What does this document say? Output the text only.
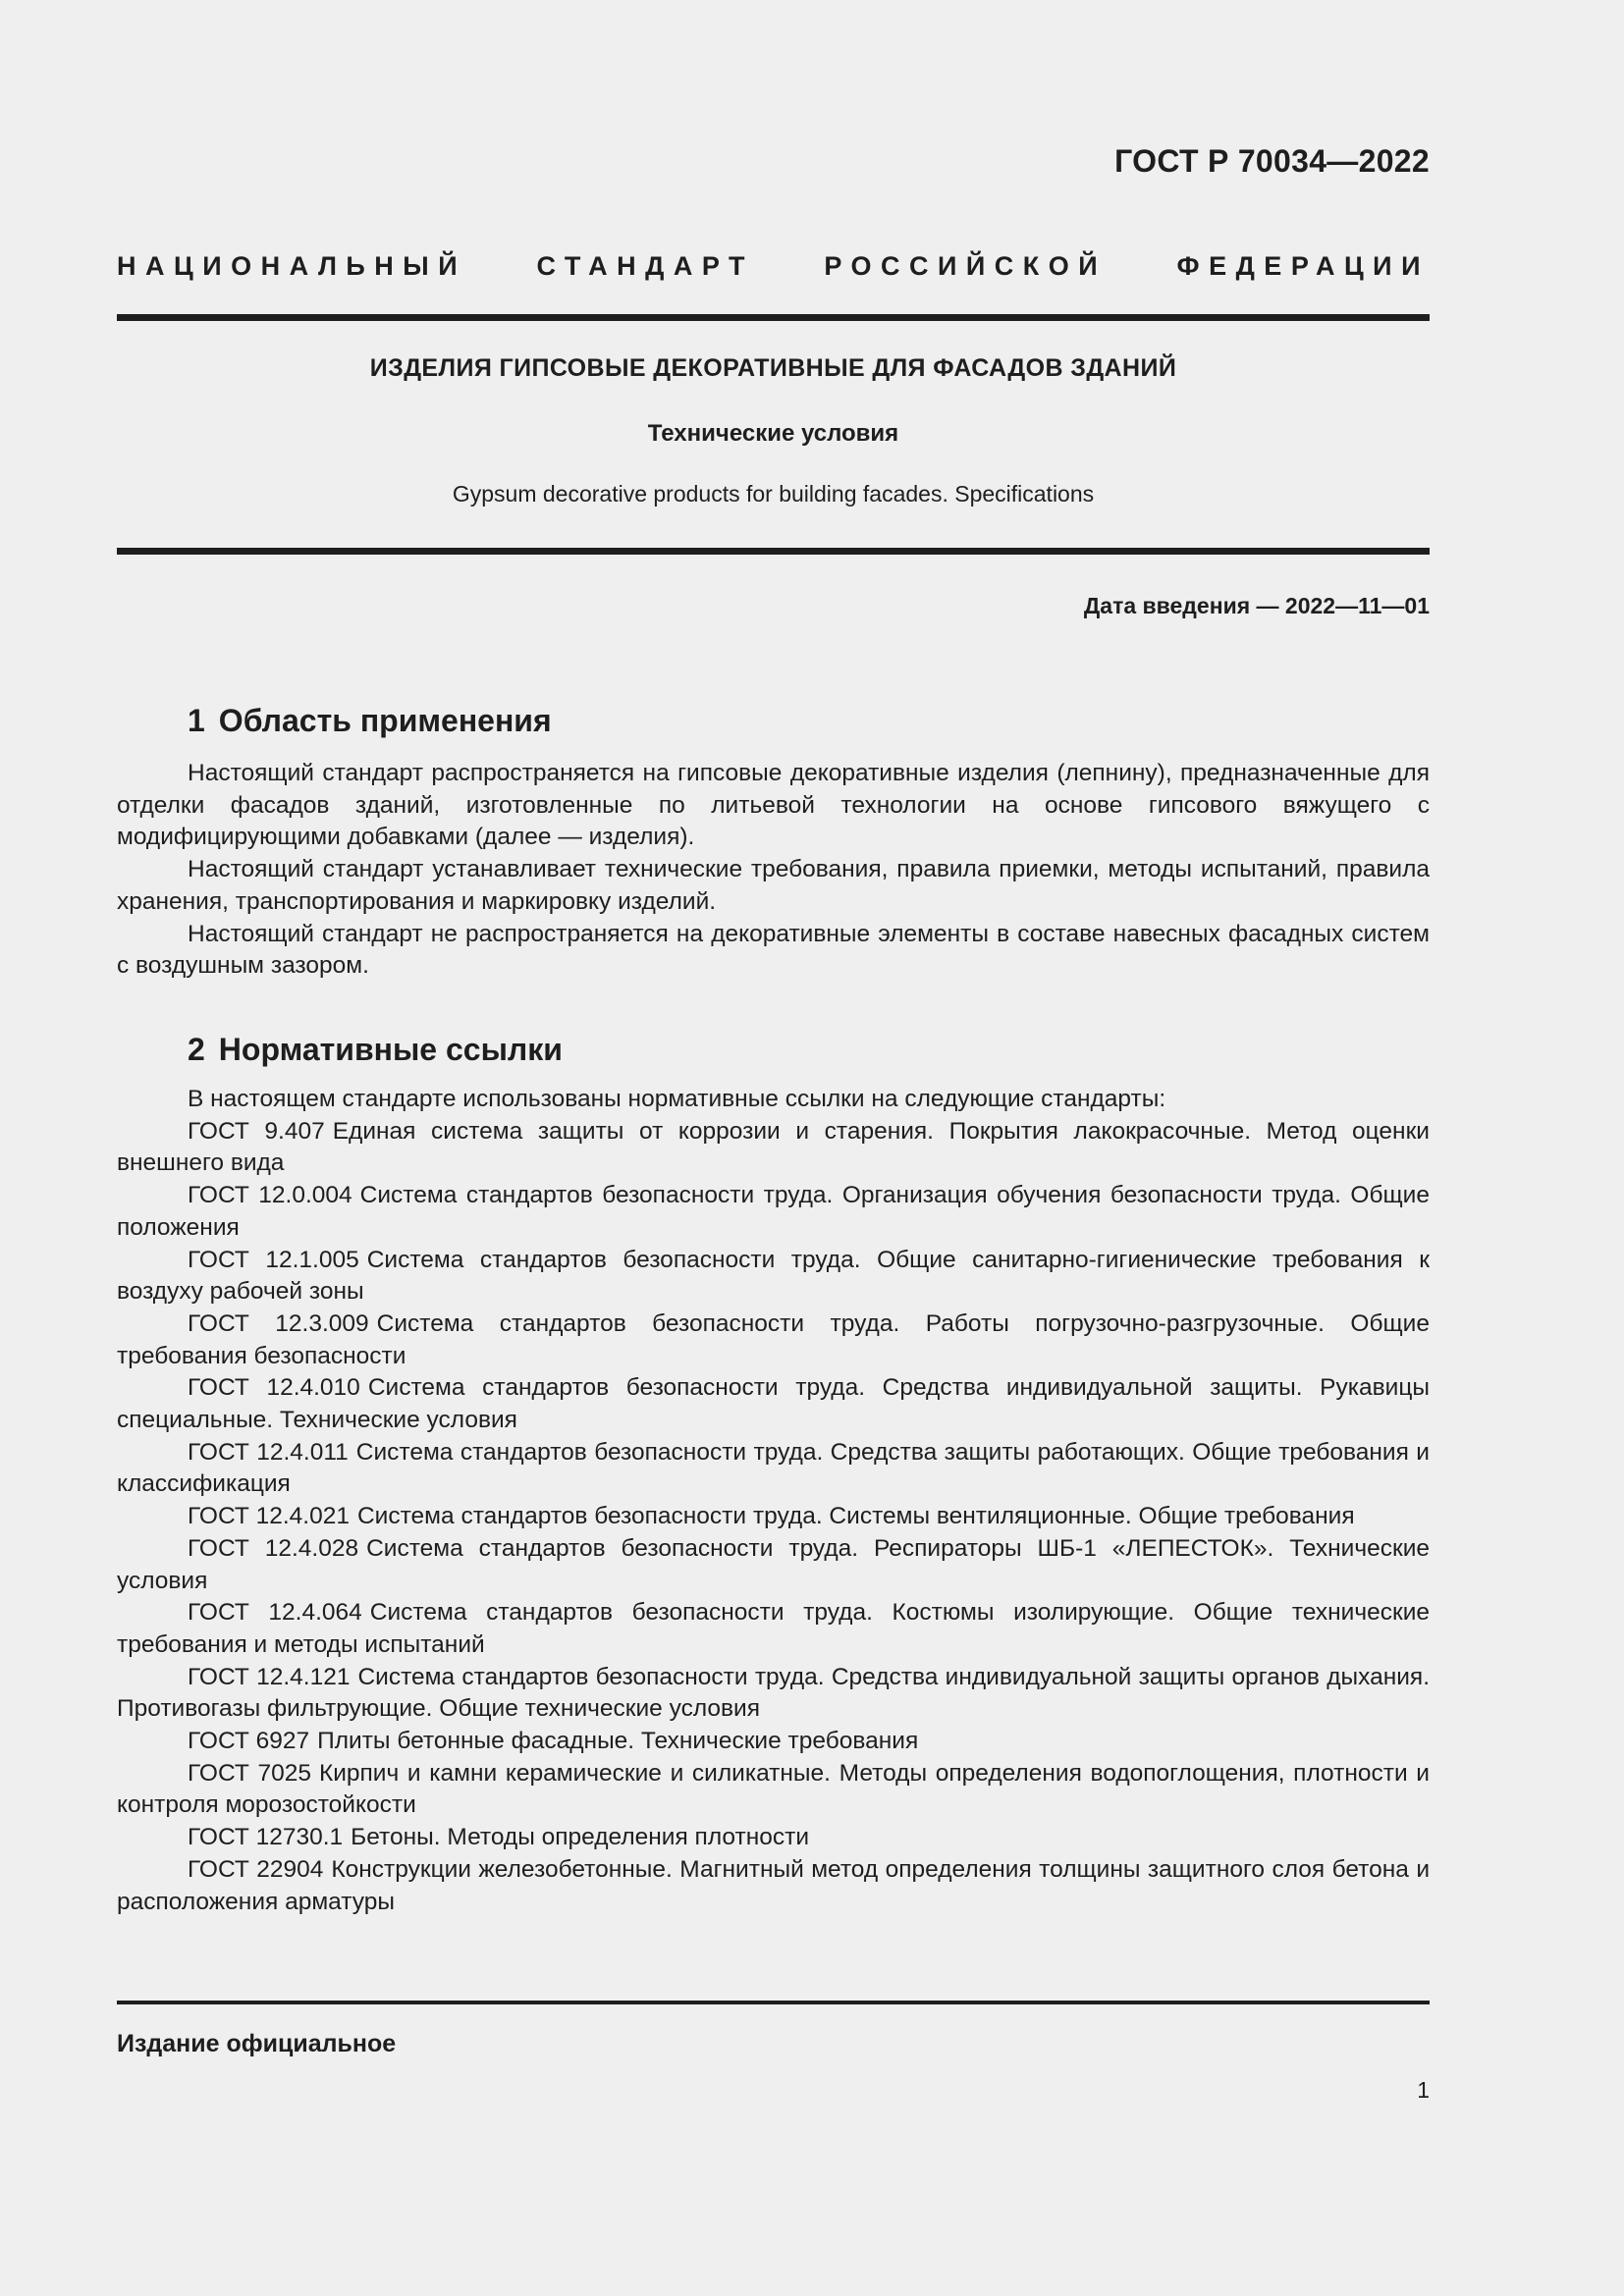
ГОСТ Р 70034—2022
НАЦИОНАЛЬНЫЙ СТАНДАРТ РОССИЙСКОЙ ФЕДЕРАЦИИ
ИЗДЕЛИЯ ГИПСОВЫЕ ДЕКОРАТИВНЫЕ ДЛЯ ФАСАДОВ ЗДАНИЙ
Технические условия
Gypsum decorative products for building facades. Specifications
Дата введения — 2022—11—01
1 Область применения

Настоящий стандарт распространяется на гипсовые декоративные изделия (лепнину), предназначенные для отделки фасадов зданий, изготовленные по литьевой технологии на основе гипсового вяжущего с модифицирующими добавками (далее — изделия).

Настоящий стандарт устанавливает технические требования, правила приемки, методы испытаний, правила хранения, транспортирования и маркировку изделий.

Настоящий стандарт не распространяется на декоративные элементы в составе навесных фасадных систем с воздушным зазором.

2 Нормативные ссылки

В настоящем стандарте использованы нормативные ссылки на следующие стандарты:

ГОСТ 9.407 Единая система защиты от коррозии и старения. Покрытия лакокрасочные. Метод оценки внешнего вида

ГОСТ 12.0.004 Система стандартов безопасности труда. Организация обучения безопасности труда. Общие положения

ГОСТ 12.1.005 Система стандартов безопасности труда. Общие санитарно-гигиенические требования к воздуху рабочей зоны

ГОСТ 12.3.009 Система стандартов безопасности труда. Работы погрузочно-разгрузочные. Общие требования безопасности

ГОСТ 12.4.010 Система стандартов безопасности труда. Средства индивидуальной защиты. Рукавицы специальные. Технические условия

ГОСТ 12.4.011 Система стандартов безопасности труда. Средства защиты работающих. Общие требования и классификация

ГОСТ 12.4.021 Система стандартов безопасности труда. Системы вентиляционные. Общие требования

ГОСТ 12.4.028 Система стандартов безопасности труда. Респираторы ШБ-1 «ЛЕПЕСТОК». Технические условия

ГОСТ 12.4.064 Система стандартов безопасности труда. Костюмы изолирующие. Общие технические требования и методы испытаний

ГОСТ 12.4.121 Система стандартов безопасности труда. Средства индивидуальной защиты органов дыхания. Противогазы фильтрующие. Общие технические условия

ГОСТ 6927 Плиты бетонные фасадные. Технические требования

ГОСТ 7025 Кирпич и камни керамические и силикатные. Методы определения водопоглощения, плотности и контроля морозостойкости

ГОСТ 12730.1 Бетоны. Методы определения плотности

ГОСТ 22904 Конструкции железобетонные. Магнитный метод определения толщины защитного слоя бетона и расположения арматуры

Издание официальное
1
